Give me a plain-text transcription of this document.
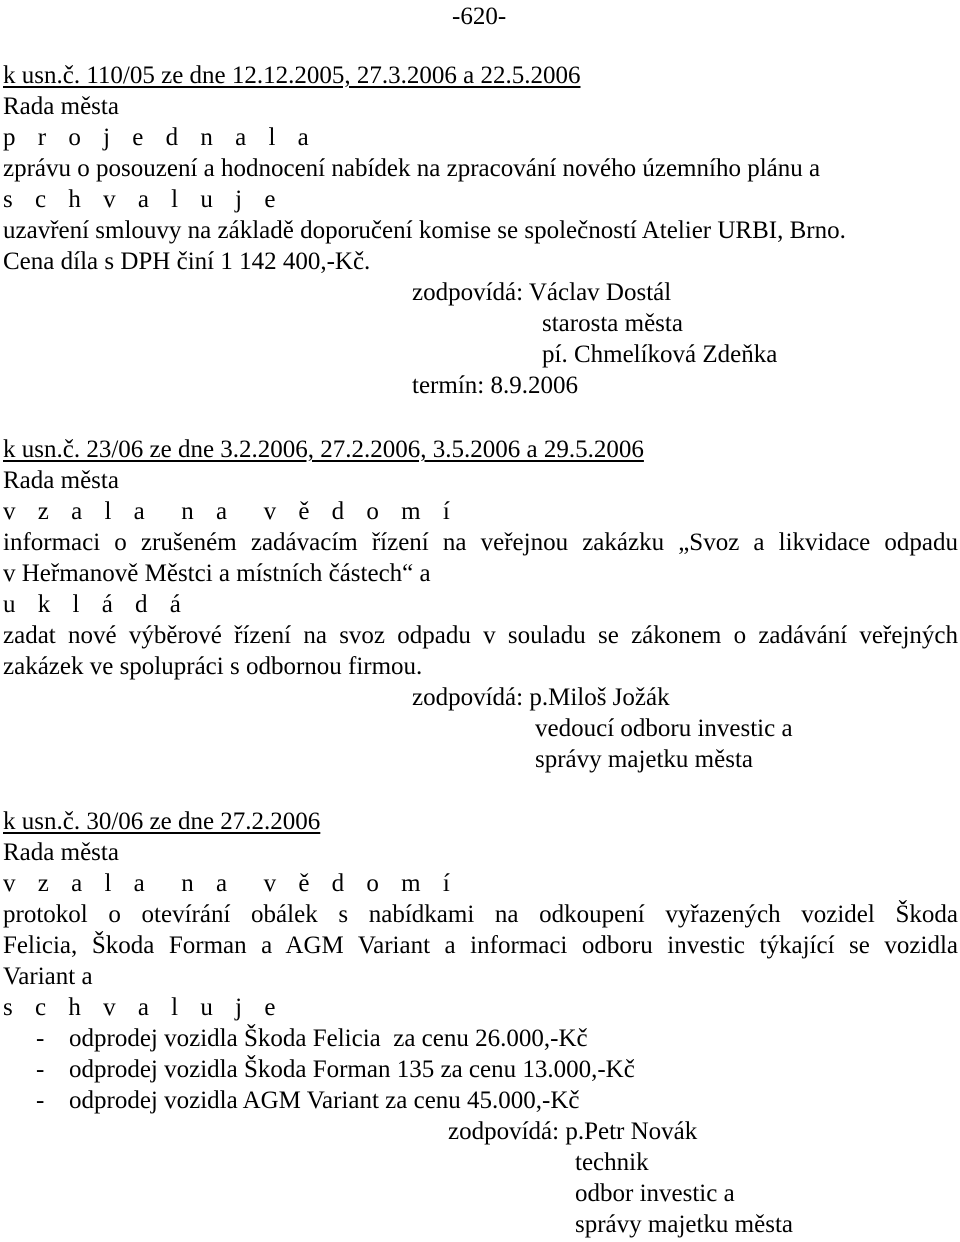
-620-
k usn.č. 110/05 ze dne 12.12.2005, 27.3.2006 a 22.5.2006
Rada města
p r o j e d n a l a
zprávu o posouzení a hodnocení nabídek na zpracování nového územního plánu a
s c h v a l u j e
uzavření smlouvy na základě doporučení komise se společností Atelier URBI, Brno.
Cena díla s DPH činí 1 142 400,-Kč.
zodpovídá: Václav Dostál
starosta města
pí. Chmelíková Zdeňka
termín: 8.9.2006
k usn.č. 23/06 ze dne 3.2.2006, 27.2.2006, 3.5.2006 a 29.5.2006
Rada města
v z a l a  n a  v ě d o m í
informaci o zrušeném zadávacím řízení na veřejnou zakázku „Svoz a likvidace odpadu
v Heřmanově Městci a místních částech“ a
u k l á d á
zadat nové výběrové řízení na svoz odpadu v souladu se zákonem o zadávání veřejných
zakázek ve spolupráci s odbornou firmou.
zodpovídá: p.Miloš Jožák
vedoucí odboru investic a
správy majetku města
k usn.č. 30/06 ze dne 27.2.2006
Rada města
v z a l a  n a  v ě d o m í
protokol o otevírání obálek s nabídkami na odkoupení vyřazených vozidel Škoda
Felicia, Škoda Forman a AGM Variant a informaci odboru investic týkající se vozidla
Variant a
s c h v a l u j e
- odprodej vozidla Škoda Felicia  za cenu 26.000,-Kč
- odprodej vozidla Škoda Forman 135 za cenu 13.000,-Kč
- odprodej vozidla AGM Variant za cenu 45.000,-Kč
zodpovídá: p.Petr Novák
technik
odbor investic a
správy majetku města
